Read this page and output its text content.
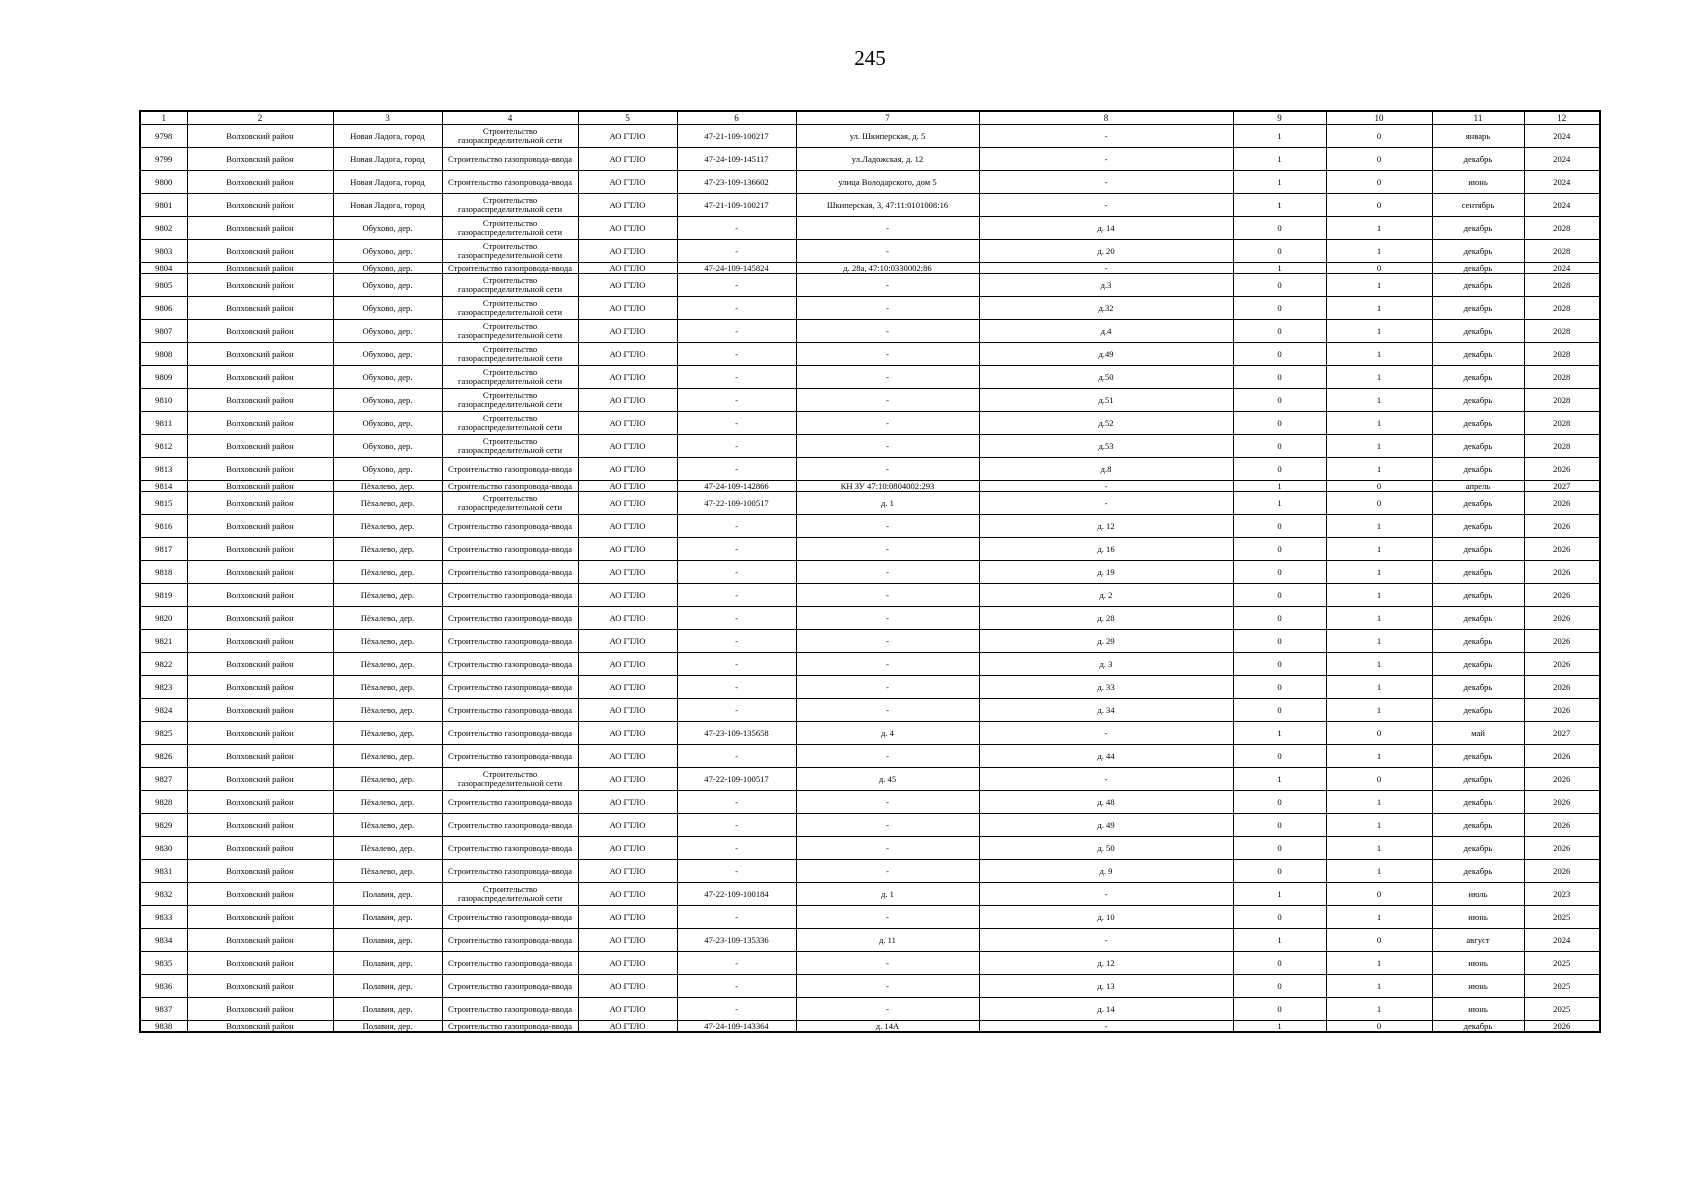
245
1	2	3	4	5	6	7	8	9	10	11	12
9798	Волховский район	Новая Ладога, город	Строительство газораспределительной сети	АО ГТЛО	47-21-109-100217	ул. Шкиперская, д. 5	-	1	0	январь	2024
9799	Волховский район	Новая Ладога, город	Строительство газопровода-ввода	АО ГТЛО	47-24-109-145117	ул.Ладожская, д. 12	-	1	0	декабрь	2024
9800	Волховский район	Новая Ладога, город	Строительство газопровода-ввода	АО ГТЛО	47-23-109-136602	улица Володарского, дом 5	-	1	0	июнь	2024
9801	Волховский район	Новая Ладога, город	Строительство газораспределительной сети	АО ГТЛО	47-21-109-100217	Шкиперская, 3, 47:11:0101008:16	-	1	0	сентябрь	2024
9802	Волховский район	Обухово, дер.	Строительство газораспределительной сети	АО ГТЛО	-	-	д. 14	0	1	декабрь	2028
9803	Волховский район	Обухово, дер.	Строительство газораспределительной сети	АО ГТЛО	-	-	д. 20	0	1	декабрь	2028
9804	Волховский район	Обухово, дер.	Строительство газопровода-ввода	АО ГТЛО	47-24-109-145824	д. 28а, 47:10:0330002:86	-	1	0	декабрь	2024
9805	Волховский район	Обухово, дер.	Строительство газораспределительной сети	АО ГТЛО	-	-	д.3	0	1	декабрь	2028
9806	Волховский район	Обухово, дер.	Строительство газораспределительной сети	АО ГТЛО	-	-	д.32	0	1	декабрь	2028
9807	Волховский район	Обухово, дер.	Строительство газораспределительной сети	АО ГТЛО	-	-	д.4	0	1	декабрь	2028
9808	Волховский район	Обухово, дер.	Строительство газораспределительной сети	АО ГТЛО	-	-	д.49	0	1	декабрь	2028
9809	Волховский район	Обухово, дер.	Строительство газораспределительной сети	АО ГТЛО	-	-	д.50	0	1	декабрь	2028
9810	Волховский район	Обухово, дер.	Строительство газораспределительной сети	АО ГТЛО	-	-	д.51	0	1	декабрь	2028
9811	Волховский район	Обухово, дер.	Строительство газораспределительной сети	АО ГТЛО	-	-	д.52	0	1	декабрь	2028
9812	Волховский район	Обухово, дер.	Строительство газораспределительной сети	АО ГТЛО	-	-	д.53	0	1	декабрь	2028
9813	Волховский район	Обухово, дер.	Строительство газопровода-ввода	АО ГТЛО	-	-	д.8	0	1	декабрь	2026
9814	Волховский район	Пёхалево, дер.	Строительство газопровода-ввода	АО ГТЛО	47-24-109-142866	КН ЗУ 47:10:0804002:293	-	1	0	апрель	2027
9815	Волховский район	Пёхалево, дер.	Строительство газораспределительной сети	АО ГТЛО	47-22-109-100517	д. 1	-	1	0	декабрь	2026
9816	Волховский район	Пёхалево, дер.	Строительство газопровода-ввода	АО ГТЛО	-	-	д. 12	0	1	декабрь	2026
9817	Волховский район	Пёхалево, дер.	Строительство газопровода-ввода	АО ГТЛО	-	-	д. 16	0	1	декабрь	2026
9818	Волховский район	Пёхалево, дер.	Строительство газопровода-ввода	АО ГТЛО	-	-	д. 19	0	1	декабрь	2026
9819	Волховский район	Пёхалево, дер.	Строительство газопровода-ввода	АО ГТЛО	-	-	д. 2	0	1	декабрь	2026
9820	Волховский район	Пёхалево, дер.	Строительство газопровода-ввода	АО ГТЛО	-	-	д. 28	0	1	декабрь	2026
9821	Волховский район	Пёхалево, дер.	Строительство газопровода-ввода	АО ГТЛО	-	-	д. 29	0	1	декабрь	2026
9822	Волховский район	Пёхалево, дер.	Строительство газопровода-ввода	АО ГТЛО	-	-	д. 3	0	1	декабрь	2026
9823	Волховский район	Пёхалево, дер.	Строительство газопровода-ввода	АО ГТЛО	-	-	д. 33	0	1	декабрь	2026
9824	Волховский район	Пёхалево, дер.	Строительство газопровода-ввода	АО ГТЛО	-	-	д. 34	0	1	декабрь	2026
9825	Волховский район	Пёхалево, дер.	Строительство газопровода-ввода	АО ГТЛО	47-23-109-135658	д. 4	-	1	0	май	2027
9826	Волховский район	Пёхалево, дер.	Строительство газопровода-ввода	АО ГТЛО	-	-	д. 44	0	1	декабрь	2026
9827	Волховский район	Пёхалево, дер.	Строительство газораспределительной сети	АО ГТЛО	47-22-109-100517	д. 45	-	1	0	декабрь	2026
9828	Волховский район	Пёхалево, дер.	Строительство газопровода-ввода	АО ГТЛО	-	-	д. 48	0	1	декабрь	2026
9829	Волховский район	Пёхалево, дер.	Строительство газопровода-ввода	АО ГТЛО	-	-	д. 49	0	1	декабрь	2026
9830	Волховский район	Пёхалево, дер.	Строительство газопровода-ввода	АО ГТЛО	-	-	д. 50	0	1	декабрь	2026
9831	Волховский район	Пёхалево, дер.	Строительство газопровода-ввода	АО ГТЛО	-	-	д. 9	0	1	декабрь	2026
9832	Волховский район	Полавия, дер.	Строительство газораспределительной сети	АО ГТЛО	47-22-109-100184	д. 1	-	1	0	июль	2023
9833	Волховский район	Полавия, дер.	Строительство газопровода-ввода	АО ГТЛО	-	-	д. 10	0	1	июнь	2025
9834	Волховский район	Полавия, дер.	Строительство газопровода-ввода	АО ГТЛО	47-23-109-135336	д. 11	-	1	0	август	2024
9835	Волховский район	Полавия, дер.	Строительство газопровода-ввода	АО ГТЛО	-	-	д. 12	0	1	июнь	2025
9836	Волховский район	Полавия, дер.	Строительство газопровода-ввода	АО ГТЛО	-	-	д. 13	0	1	июнь	2025
9837	Волховский район	Полавия, дер.	Строительство газопровода-ввода	АО ГТЛО	-	-	д. 14	0	1	июнь	2025
9838	Волховский район	Полавия, дер.	Строительство газопровода-ввода	АО ГТЛО	47-24-109-143364	д. 14А	-	1	0	декабрь	2026
